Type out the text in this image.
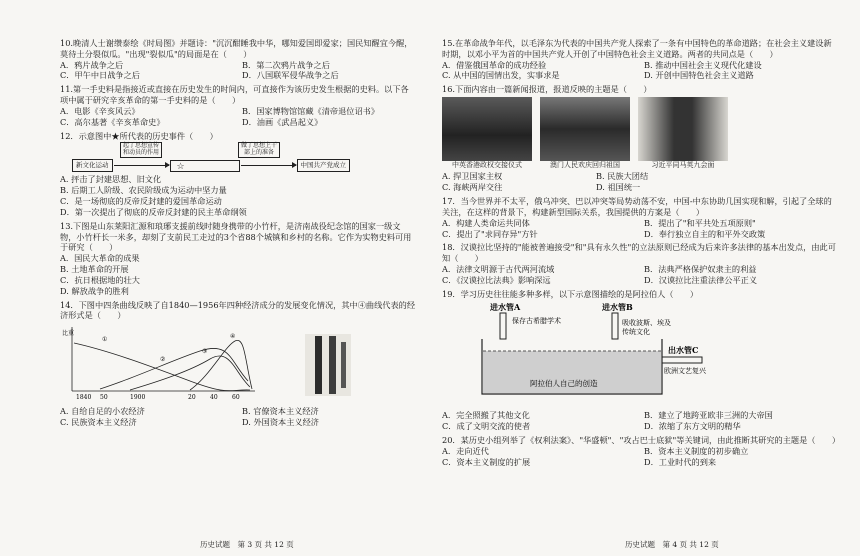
10.晚清人士谢缵泰绘《时局图》并题诗："沉沉酣睡我中华，哪知爱国即爱家；国民知醒宜今醒，莫待土分裂似瓜。"出现"裂似瓜"的局面是在（　　）
A．鸦片战争之后	B．第二次鸦片战争之后
C．甲午中日战争之后	D．八国联军侵华战争之后
11.第一手史料是指接近或直接在历史发生的时间内，可直接作为该历史发生根据的史料。以下各项中属于研究辛亥革命的第一手史料的是（　　）
A．电影《辛亥风云》	B．国家博物馆馆藏《清帝退位诏书》
C．高尔基著《辛亥革命史》	D．油画《武昌起义》
12．示意图中★所代表的历史事件（　　）
起了思想宣传
和动员的作用
做了思想上干
部上的准备
新文化运动	☆	中国共产党成立
A. 抨击了封建思想、旧文化
B. 后期工人阶级、农民阶级成为运动中坚力量
C．是一场彻底的反帝反封建的爱国革命运动
D．第一次提出了彻底的反帝反封建的民主革命纲领
13.下图是山东莱阳汇源和琅琊支援前线时随身携带的小竹杆，是济南战役纪念馆的国家一级文物，小竹杆长一米多，却刻了支前民工走过的3个省88个城镇和乡村的名称。它作为实物史料可用于研究（　　）
A．国民大革命的成果
B. 土地革命的开展
C．抗日根据地的壮大
D. 解放战争的胜利
14．下图中四条曲线反映了自1840—1956年四种经济成分的发展变化情况，其中④曲线代表的经济形式是（　　）
比重
1840 50	1900	20 40 60
①
②
③
④
A. 自给自足的小农经济	B. 官僚资本主义经济
C. 民族资本主义经济	D. 外国资本主义经济
历史试题　第 3 页 共 12 页
15.在革命战争年代，以毛泽东为代表的中国共产党人探索了一条有中国特色的革命道路；在社会主义建设新时期，以邓小平为首的中国共产党人开创了中国特色社会主义道路。两者的共同点是（　　）
A．借鉴俄国革命的成功经验	B. 推动中国社会主义现代化建设
C. 从中国的国情出发，实事求是	D. 开创中国特色社会主义道路
16.下面内容由一篇新闻报道，报道反映的主题是（　　）
中英香港政权交接仪式	澳门人民欢庆回归祖国	习近平同马英九会面
A. 捍卫国家主权	B. 民族大团结
C. 海峡两岸交往	D. 祖国统一
17．当今世界并不太平，俄乌冲突、巴以冲突等局势动荡不安，中国-中东协助几国实现和解，引起了全球的关注，在这样的背景下，构建新型国际关系，我国提供的方案是（　　）
A．构建人类命运共同体	B．提出了"和平共处五项原则"
C．提出了"求同存异"方针	D．奉行独立自主的和平外交政策
18．汉谟拉比坚持的"能被普遍接受"和"具有永久性"的立法原则已经成为后来许多法律的基本出发点，由此可知（　　）
A．法律文明源于古代两河流域	B．法典严格保护奴隶主的利益
C．《汉谟拉比法典》影响深远	D．汉谟拉比注重法律公平正义
19．学习历史往往能多种多样，以下示意图描绘的是阿拉伯人（　　）
进水管A	进水管B
保存古希腊学术	吸收波斯、埃及
传统文化
阿拉伯人自己的创造
出水管C
欧洲文艺复兴
A．完全照搬了其他文化	B．建立了地跨亚欧非三洲的大帝国
C．成了文明交流的使者	D．浓缩了东方文明的精华
20．某历史小组列举了《权利法案》、"华盛顿"、"攻占巴士底狱"等关键词，由此推断其研究的主题是（　　）
A．走向近代	B．资本主义制度的初步确立
C．资本主义制度的扩展	D．工业时代的到来
历史试题　第 4 页 共 12 页
